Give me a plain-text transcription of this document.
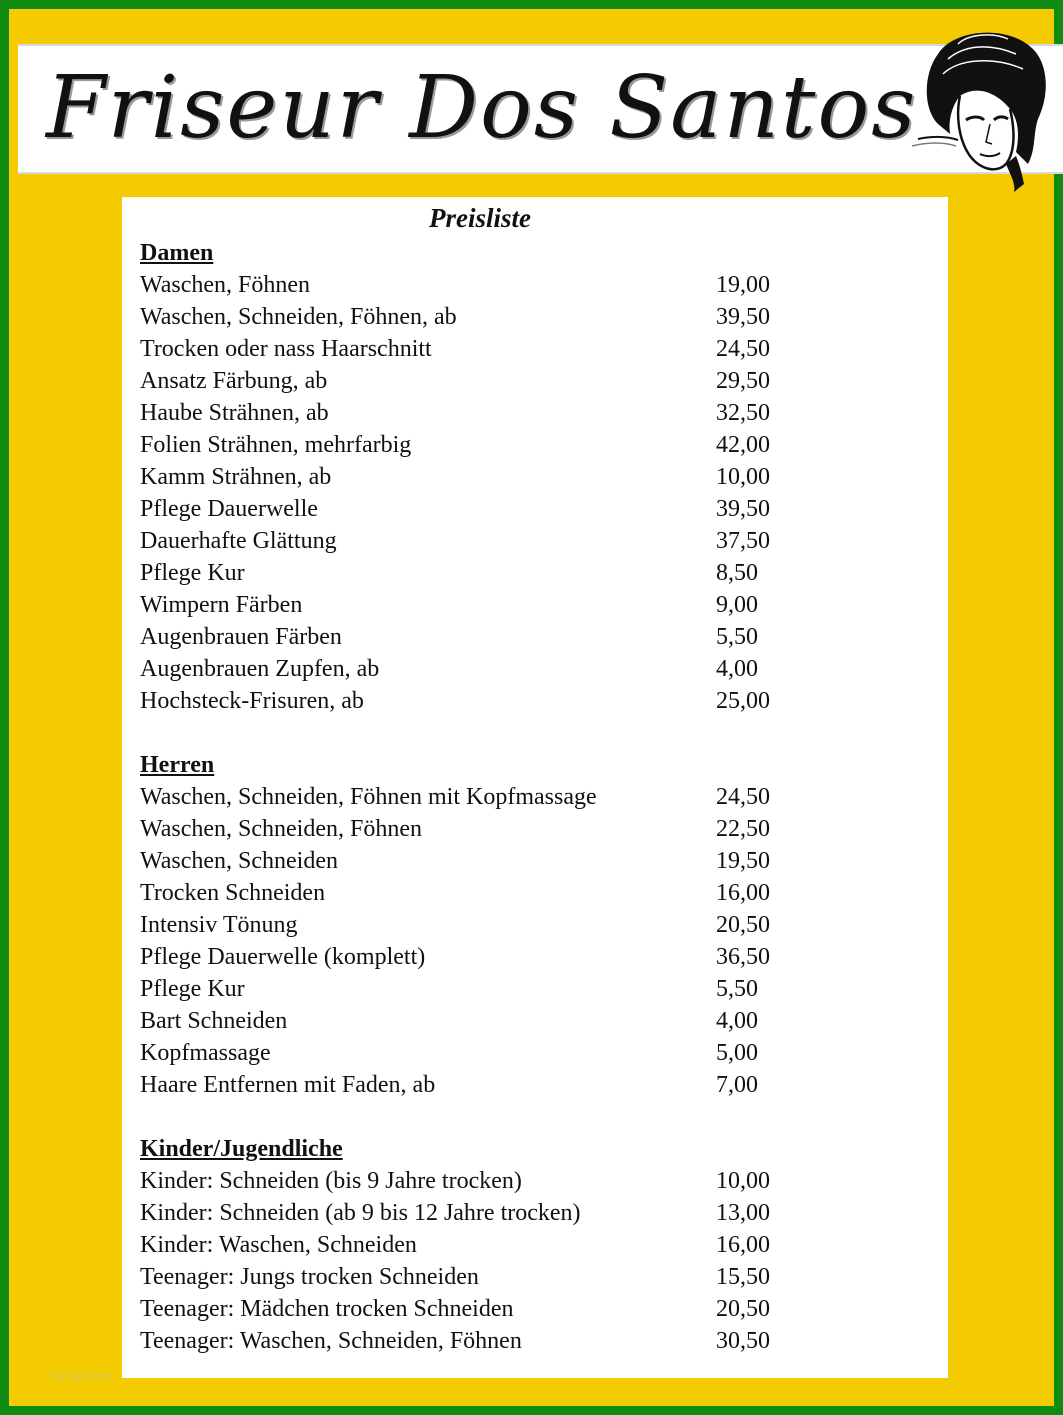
Friseur Dos Santos
Vorlage Ideen
Preisliste
Damen
Waschen, Föhnen	19,00
Waschen, Schneiden, Föhnen, ab	39,50
Trocken oder nass Haarschnitt	24,50
Ansatz Färbung, ab	29,50
Haube Strähnen, ab	32,50
Folien Strähnen, mehrfarbig	42,00
Kamm Strähnen, ab	10,00
Pflege Dauerwelle	39,50
Dauerhafte Glättung	37,50
Pflege Kur	8,50
Wimpern Färben	9,00
Augenbrauen Färben	5,50
Augenbrauen Zupfen, ab	4,00
Hochsteck-Frisuren, ab	25,00
Herren
Waschen, Schneiden, Föhnen mit Kopfmassage	24,50
Waschen, Schneiden, Föhnen	22,50
Waschen, Schneiden	19,50
Trocken Schneiden	16,00
Intensiv Tönung	20,50
Pflege Dauerwelle (komplett)	36,50
Pflege Kur	5,50
Bart Schneiden	4,00
Kopfmassage	5,00
Haare Entfernen mit Faden, ab	7,00
Kinder/Jugendliche
Kinder: Schneiden (bis 9 Jahre trocken)	10,00
Kinder: Schneiden (ab 9 bis 12 Jahre trocken)	13,00
Kinder: Waschen, Schneiden	16,00
Teenager: Jungs trocken Schneiden	15,50
Teenager: Mädchen trocken Schneiden	20,50
Teenager: Waschen, Schneiden, Föhnen	30,50
